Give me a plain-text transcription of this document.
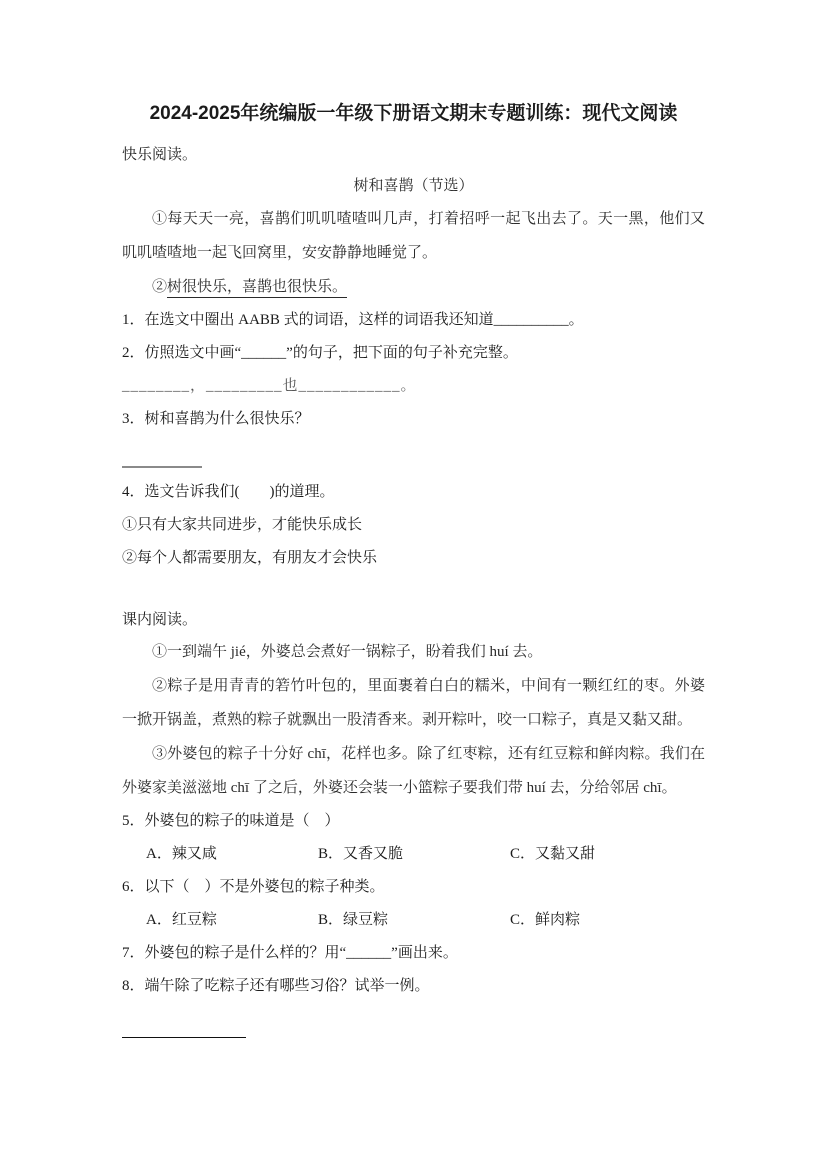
2024-2025年统编版一年级下册语文期末专题训练：现代文阅读
快乐阅读。
树和喜鹊（节选）

①每天天一亮，喜鹊们叽叽喳喳叫几声，打着招呼一起飞出去了。天一黑，他们又叽叽喳喳地一起飞回窝里，安安静静地睡觉了。

②树很快乐，喜鹊也很快乐。

1．在选文中圈出 AABB 式的词语，这样的词语我还知道__________。
2．仿照选文中画“______”的句子，把下面的句子补充完整。
________，_________也____________。
3．树和喜鹊为什么很快乐？
4．选文告诉我们(　　)的道理。
①只有大家共同进步，才能快乐成长
②每个人都需要朋友，有朋友才会快乐
课内阅读。

①一到端午 jié，外婆总会煮好一锅粽子，盼着我们 huí 去。

②粽子是用青青的箬竹叶包的，里面裹着白白的糯米，中间有一颗红红的枣。外婆一掀开锅盖，煮熟的粽子就飘出一股清香来。剥开粽叶，咬一口粽子，真是又黏又甜。

③外婆包的粽子十分好 chī，花样也多。除了红枣粽，还有红豆粽和鲜肉粽。我们在外婆家美滋滋地 chī 了之后，外婆还会装一小篮粽子要我们带 huí 去，分给邻居 chī。

5．外婆包的粽子的味道是（　）
A．辣又咸	B．又香又脆	C．又黏又甜
6．以下（　）不是外婆包的粽子种类。
A．红豆粽	B．绿豆粽	C．鲜肉粽
7．外婆包的粽子是什么样的？用“______”画出来。
8．端午除了吃粽子还有哪些习俗？试举一例。
